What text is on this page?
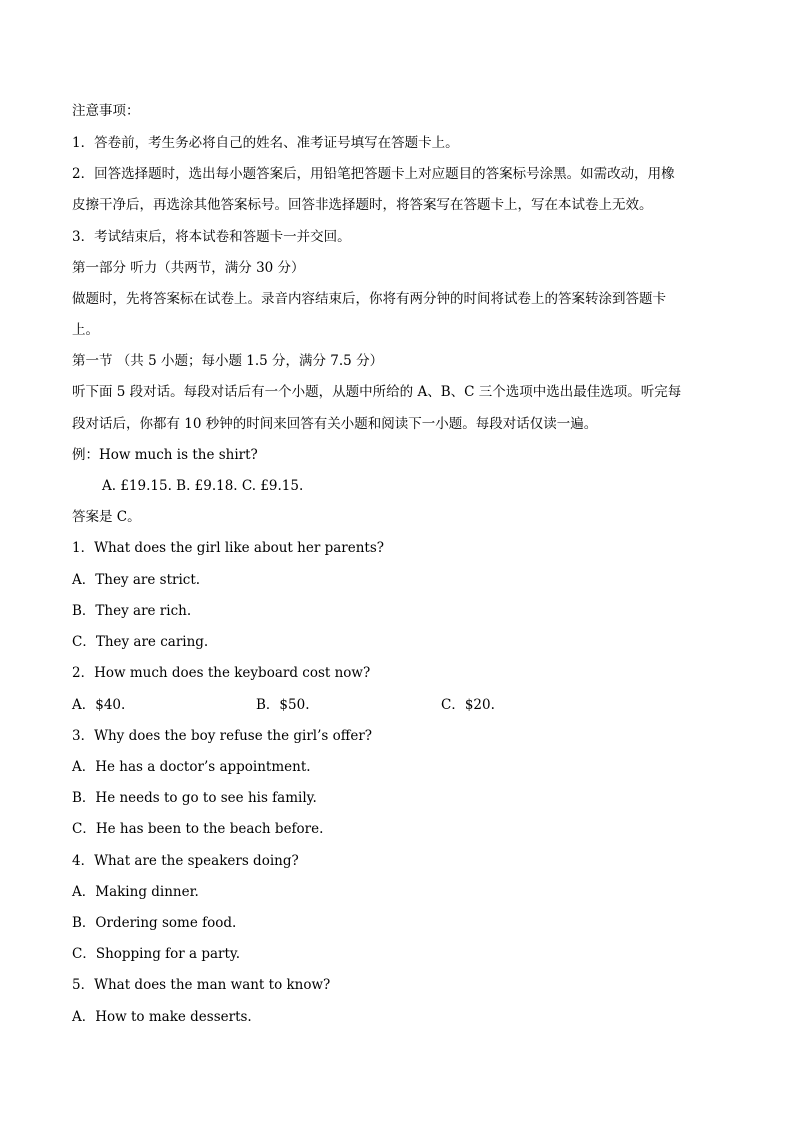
注意事项：
1．答卷前，考生务必将自己的姓名、准考证号填写在答题卡上。
2．回答选择题时，选出每小题答案后，用铅笔把答题卡上对应题目的答案标号涂黑。如需改动，用橡
皮擦干净后，再选涂其他答案标号。回答非选择题时，将答案写在答题卡上，写在本试卷上无效。
3．考试结束后，将本试卷和答题卡一并交回。
第一部分 听力（共两节，满分 30 分）
做题时，先将答案标在试卷上。录音内容结束后，你将有两分钟的时间将试卷上的答案转涂到答题卡
上。
第一节 （共 5 小题；每小题 1.5 分，满分 7.5 分）
听下面 5 段对话。每段对话后有一个小题，从题中所给的 A、B、C 三个选项中选出最佳选项。听完每
段对话后，你都有 10 秒钟的时间来回答有关小题和阅读下一小题。每段对话仅读一遍。
例：How much is the shirt?
A. £19.15. B. £9.18. C. £9.15.
答案是 C。
1．What does the girl like about her parents?
A．They are strict.
B．They are rich.
C．They are caring.
2．How much does the keyboard cost now?
A．$40.	B．$50.	C．$20.
3．Why does the boy refuse the girl’s offer?
A．He has a doctor’s appointment.
B．He needs to go to see his family.
C．He has been to the beach before.
4．What are the speakers doing?
A．Making dinner.
B．Ordering some food.
C．Shopping for a party.
5．What does the man want to know?
A．How to make desserts.
